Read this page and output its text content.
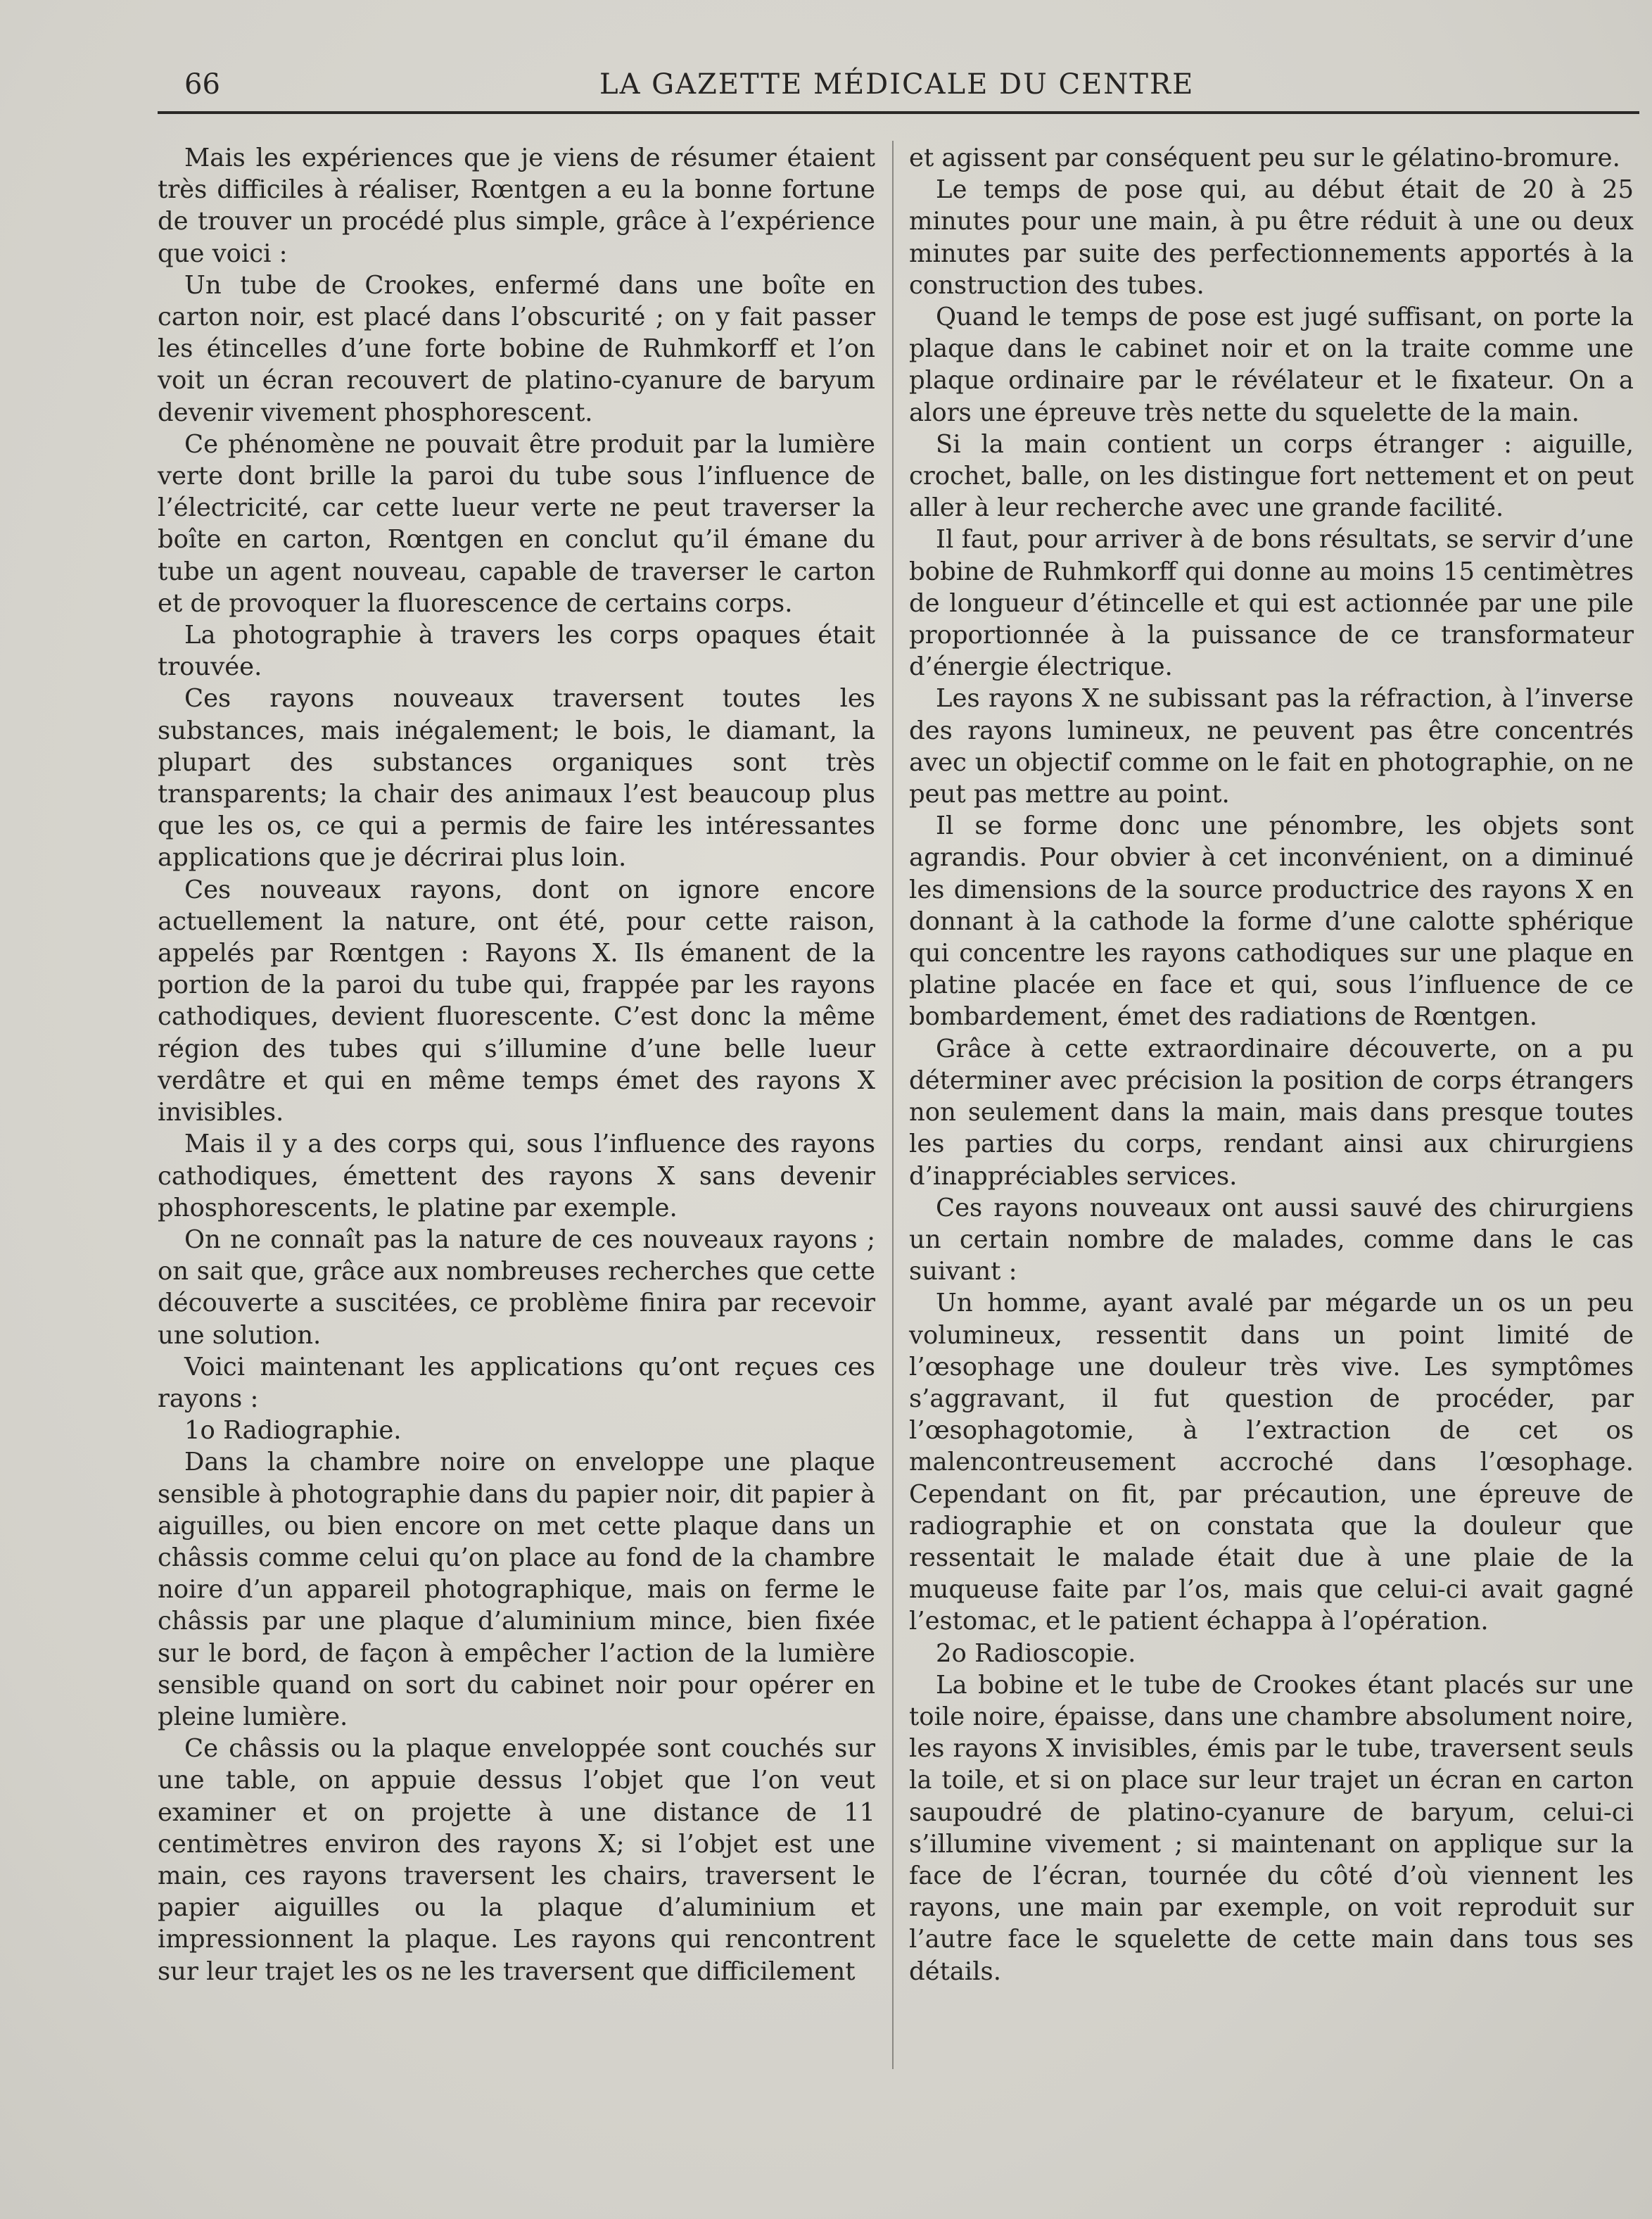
66	LA GAZETTE MÉDICALE DU CENTRE

Mais les expériences que je viens de résumer étaient très difficiles à réaliser, Rœntgen a eu la bonne fortune de trouver un procédé plus simple, grâce à l’expérience que voici :

Un tube de Crookes, enfermé dans une boîte en carton noir, est placé dans l’obscurité ; on y fait passer les étincelles d’une forte bobine de Ruhmkorff et l’on voit un écran recouvert de platino-cyanure de baryum devenir vivement phosphorescent.

Ce phénomène ne pouvait être produit par la lumière verte dont brille la paroi du tube sous l’influence de l’électricité, car cette lueur verte ne peut traverser la boîte en carton, Rœntgen en conclut qu’il émane du tube un agent nouveau, capable de traverser le carton et de provoquer la fluorescence de certains corps.

La photographie à travers les corps opaques était trouvée.

Ces rayons nouveaux traversent toutes les substances, mais inégalement; le bois, le diamant, la plupart des substances organiques sont très transparents; la chair des animaux l’est beaucoup plus que les os, ce qui a permis de faire les intéressantes applications que je décrirai plus loin.

Ces nouveaux rayons, dont on ignore encore actuellement la nature, ont été, pour cette raison, appelés par Rœntgen : Rayons X. Ils émanent de la portion de la paroi du tube qui, frappée par les rayons cathodiques, devient fluorescente. C’est donc la même région des tubes qui s’illumine d’une belle lueur verdâtre et qui en même temps émet des rayons X invisibles.

Mais il y a des corps qui, sous l’influence des rayons cathodiques, émettent des rayons X sans devenir phosphorescents, le platine par exemple.

On ne connaît pas la nature de ces nouveaux rayons ; on sait que, grâce aux nombreuses recherches que cette découverte a suscitées, ce problème finira par recevoir une solution.

Voici maintenant les applications qu’ont reçues ces rayons :

1o Radiographie.

Dans la chambre noire on enveloppe une plaque sensible à photographie dans du papier noir, dit papier à aiguilles, ou bien encore on met cette plaque dans un châssis comme celui qu’on place au fond de la chambre noire d’un appareil photographique, mais on ferme le châssis par une plaque d’aluminium mince, bien fixée sur le bord, de façon à empêcher l’action de la lumière sensible quand on sort du cabinet noir pour opérer en pleine lumière.

Ce châssis ou la plaque enveloppée sont couchés sur une table, on appuie dessus l’objet que l’on veut examiner et on projette à une distance de 11 centimètres environ des rayons X; si l’objet est une main, ces rayons traversent les chairs, traversent le papier aiguilles ou la plaque d’aluminium et impressionnent la plaque. Les rayons qui rencontrent sur leur trajet les os ne les traversent que difficilement

et agissent par conséquent peu sur le gélatino-bromure.

Le temps de pose qui, au début était de 20 à 25 minutes pour une main, à pu être réduit à une ou deux minutes par suite des perfectionnements apportés à la construction des tubes.

Quand le temps de pose est jugé suffisant, on porte la plaque dans le cabinet noir et on la traite comme une plaque ordinaire par le révélateur et le fixateur. On a alors une épreuve très nette du squelette de la main.

Si la main contient un corps étranger : aiguille, crochet, balle, on les distingue fort nettement et on peut aller à leur recherche avec une grande facilité.

Il faut, pour arriver à de bons résultats, se servir d’une bobine de Ruhmkorff qui donne au moins 15 centimètres de longueur d’étincelle et qui est actionnée par une pile proportionnée à la puissance de ce transformateur d’énergie électrique.

Les rayons X ne subissant pas la réfraction, à l’inverse des rayons lumineux, ne peuvent pas être concentrés avec un objectif comme on le fait en photographie, on ne peut pas mettre au point.

Il se forme donc une pénombre, les objets sont agrandis. Pour obvier à cet inconvénient, on a diminué les dimensions de la source productrice des rayons X en donnant à la cathode la forme d’une calotte sphérique qui concentre les rayons cathodiques sur une plaque en platine placée en face et qui, sous l’influence de ce bombardement, émet des radiations de Rœntgen.

Grâce à cette extraordinaire découverte, on a pu déterminer avec précision la position de corps étrangers non seulement dans la main, mais dans presque toutes les parties du corps, rendant ainsi aux chirurgiens d’inappréciables services.

Ces rayons nouveaux ont aussi sauvé des chirurgiens un certain nombre de malades, comme dans le cas suivant :

Un homme, ayant avalé par mégarde un os un peu volumineux, ressentit dans un point limité de l’œsophage une douleur très vive. Les symptômes s’aggravant, il fut question de procéder, par l’œsophagotomie, à l’extraction de cet os malencontreusement accroché dans l’œsophage. Cependant on fit, par précaution, une épreuve de radiographie et on constata que la douleur que ressentait le malade était due à une plaie de la muqueuse faite par l’os, mais que celui-ci avait gagné l’estomac, et le patient échappa à l’opération.

2o Radioscopie.

La bobine et le tube de Crookes étant placés sur une toile noire, épaisse, dans une chambre absolument noire, les rayons X invisibles, émis par le tube, traversent seuls la toile, et si on place sur leur trajet un écran en carton saupoudré de platino-cyanure de baryum, celui-ci s’illumine vivement ; si maintenant on applique sur la face de l’écran, tournée du côté d’où viennent les rayons, une main par exemple, on voit reproduit sur l’autre face le squelette de cette main dans tous ses détails.
